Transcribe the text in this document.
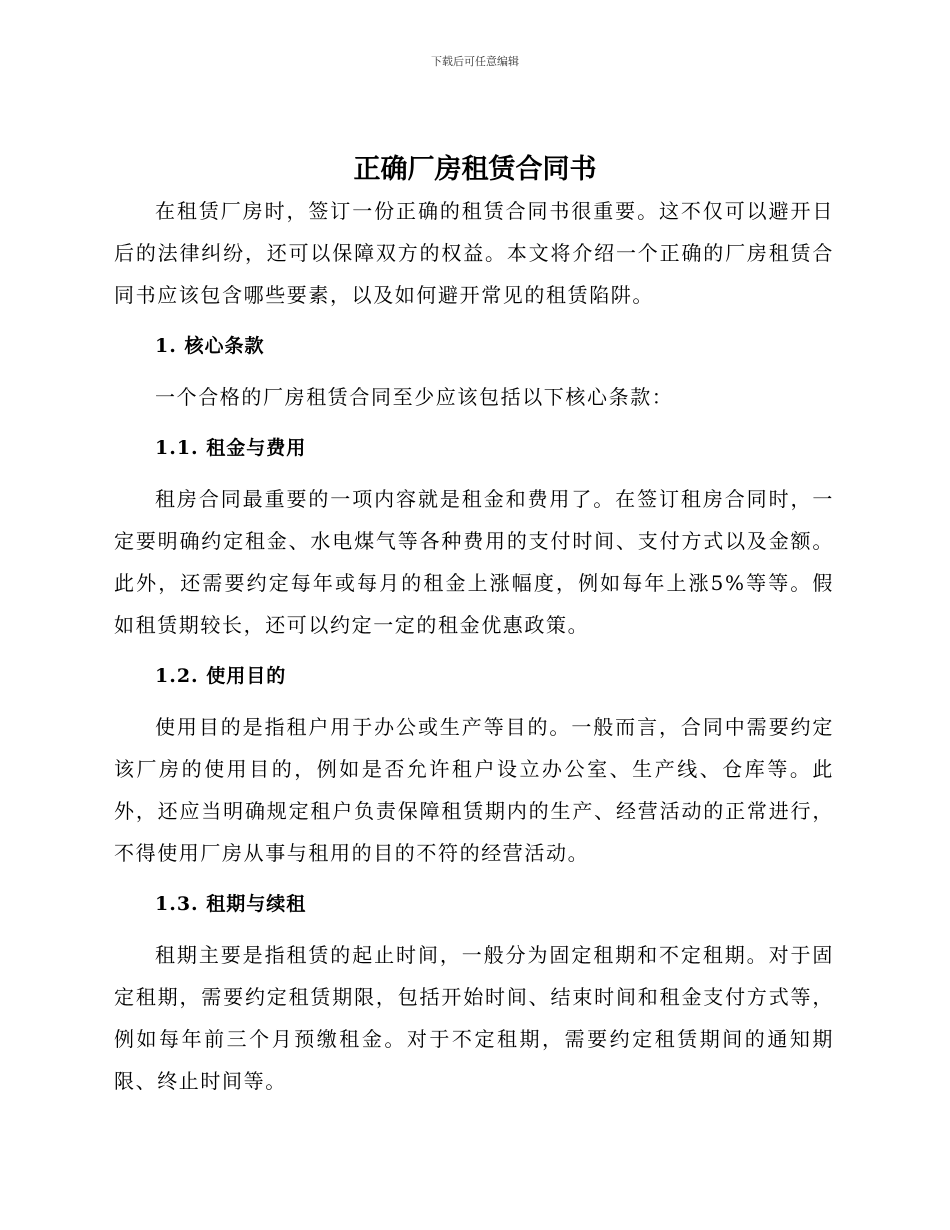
下载后可任意编辑
正确厂房租赁合同书

在租赁厂房时，签订一份正确的租赁合同书很重要。这不仅可以避开日后的法律纠纷，还可以保障双方的权益。本文将介绍一个正确的厂房租赁合同书应该包含哪些要素，以及如何避开常见的租赁陷阱。

1. 核心条款

一个合格的厂房租赁合同至少应该包括以下核心条款：

1.1. 租金与费用

租房合同最重要的一项内容就是租金和费用了。在签订租房合同时，一定要明确约定租金、水电煤气等各种费用的支付时间、支付方式以及金额。此外，还需要约定每年或每月的租金上涨幅度，例如每年上涨5%等等。假如租赁期较长，还可以约定一定的租金优惠政策。

1.2. 使用目的

使用目的是指租户用于办公或生产等目的。一般而言，合同中需要约定该厂房的使用目的，例如是否允许租户设立办公室、生产线、仓库等。此外，还应当明确规定租户负责保障租赁期内的生产、经营活动的正常进行，不得使用厂房从事与租用的目的不符的经营活动。

1.3. 租期与续租

租期主要是指租赁的起止时间，一般分为固定租期和不定租期。对于固定租期，需要约定租赁期限，包括开始时间、结束时间和租金支付方式等，例如每年前三个月预缴租金。对于不定租期，需要约定租赁期间的通知期限、终止时间等。
